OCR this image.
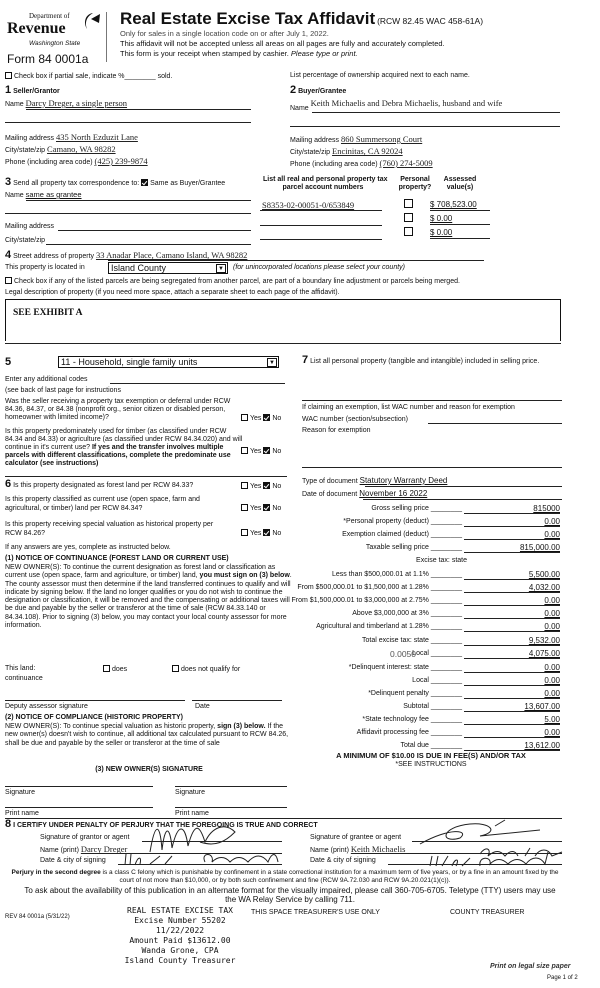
Department of
Revenue
Washington State
Form 84 0001a
Real Estate Excise Tax Affidavit (RCW 82.45 WAC 458-61A)
Only for sales in a single location code on or after July 1, 2022.
This affidavit will not be accepted unless all areas on all pages are fully and accurately completed.
This form is your receipt when stamped by cashier. Please type or print.
Check box if partial sale, indicate %________ sold.	List percentage of ownership acquired next to each name.
1 Seller/Grantor
Name Darcy Dreger, a single person
Mailing address 435 North Ezduzit Lane
City/state/zip Camano, WA 98282
Phone (including area code) (425) 239-9874
2 Buyer/Grantee
Name Keith Michaelis and Debra Michaelis, husband and wife
Mailing address 860 Summersong Court
City/state/zip Encinitas, CA 92024
Phone (including area code) (760) 274-5009
3 Send all property tax correspondence to: Same as Buyer/Grantee
Name same as grantee
Mailing address
City/state/zip
List all real and personal property tax
parcel account numbers
Personal
property?
Assessed
value(s)
S8353-02-00051-0/653849	$ 708,523.00
$ 0.00
$ 0.00
4 Street address of property 33 Anadar Place, Camano Island, WA 98282
This property is located in	Island County	▼ (for unincorporated locations please select your county)
Check box if any of the listed parcels are being segregated from another parcel, are part of a boundary line adjustment or parcels being merged.
Legal description of property (if you need more space, attach a separate sheet to each page of the affidavit).
SEE EXHIBIT A
5	11 - Household, single family units	▼
Enter any additional codes
(see back of last page for instructions
Was the seller receiving a property tax exemption or deferral under RCW 84.36, 84.37, or 84.38 (nonprofit org., senior citizen or disabled person, homeowner with limited income)?	Yes No
Is this property predominately used for timber (as classified under RCW 84.34 and 84.33) or agriculture (as classified under RCW 84.34.020) and will continue in it's current use? If yes and the transfer involves multiple parcels with different classifications, complete the predominate use calculator (see instructions)
Yes No
6 Is this property designated as forest land per RCW 84.33?	Yes No
Is this property classified as current use (open space, farm and agricultural, or timber) land per RCW 84.34?	Yes No
Is this property receiving special valuation as historical property per RCW 84.26?	Yes No
If any answers are yes, complete as instructed below.
(1) NOTICE OF CONTINUANCE (FOREST LAND OR CURRENT USE)
NEW OWNER(S): To continue the current designation as forest land or classification as current use (open space, farm and agriculture, or timber) land, you must sign on (3) below. The county assessor must then determine if the land transferred continues to qualify and will indicate by signing below. If the land no longer qualifies or you do not wish to continue the designation or classification, it will be removed and the compensating or additional taxes will be due and payable by the seller or transferor at the time of sale (RCW 84.33.140 or 84.34.108). Prior to signing (3) below, you may contact your local county assessor for more information.
This land:
continuance
does	does not qualify for
Deputy assessor signature	Date
(2) NOTICE OF COMPLIANCE (HISTORIC PROPERTY)
NEW OWNER(S): To continue special valuation as historic property, sign (3) below. If the new owner(s) doesn't wish to continue, all additional tax calculated pursuant to RCW 84.26, shall be due and payable by the seller or transferor at the time of sale
(3) NEW OWNER(S) SIGNATURE
Signature	Signature
Print name	Print name
7 List all personal property (tangible and intangible) included in selling price.
If claiming an exemption, list WAC number and reason for exemption
WAC number (section/subsection)
Reason for exemption
Type of document Statutory Warranty Deed
Date of document November 16 2022
Gross selling price ________	815000
*Personal property (deduct) ________	0.00
Exemption claimed (deduct) ________	0.00
Taxable selling price ________	815,000.00
Excise tax: state
Less than $500,000.01 at 1.1% ________	5,500.00
From $500,000.01 to $1,500,000 at 1.28% ________	4,032.00
From $1,500,000.01 to $3,000,000 at 2.75% ________	0.00
Above $3,000,000 at 3% ________	0.00
Agricultural and timberland at 1.28% ________	0.00
Total excise tax: state ________	9,532.00
Local ________	4,075.00
*Delinquent interest: state ________	0.00
Local ________	0.00
*Delinquent penalty ________	0.00
Subtotal ________	13,607.00
*State technology fee ________	5.00
Affidavit processing fee ________	0.00
Total due ________	13,612.00
0.0050
A MINIMUM OF $10.00 IS DUE IN FEE(S) AND/OR TAX
*SEE INSTRUCTIONS
8 I CERTIFY UNDER PENALTY OF PERJURY THAT THE FOREGOING IS TRUE AND CORRECT
Signature of grantor or agent
Name (print) Darcy Dreger
Date & city of signing
Signature of grantee or agent
Name (print) Keith Michaelis
Date & city of signing
Perjury in the second degree is a class C felony which is punishable by confinement in a state correctional institution for a maximum term of five years, or by a fine in an amount fixed by the court of not more than $10,000, or by both such confinement and fine (RCW 9A.72.030 and RCW 9A.20.021(1)(c)).
To ask about the availability of this publication in an alternate format for the visually impaired, please call 360-705-6705. Teletype (TTY) users may use the WA Relay Service by calling 711.
REV 84 0001a (5/31/22)
REAL ESTATE EXCISE TAX
Excise Number 55202
11/22/2022
Amount Paid $13612.00
Wanda Grone, CPA
Island County Treasurer
THIS SPACE TREASURER'S USE ONLY	COUNTY TREASURER
Print on legal size paper
Page 1 of 2
